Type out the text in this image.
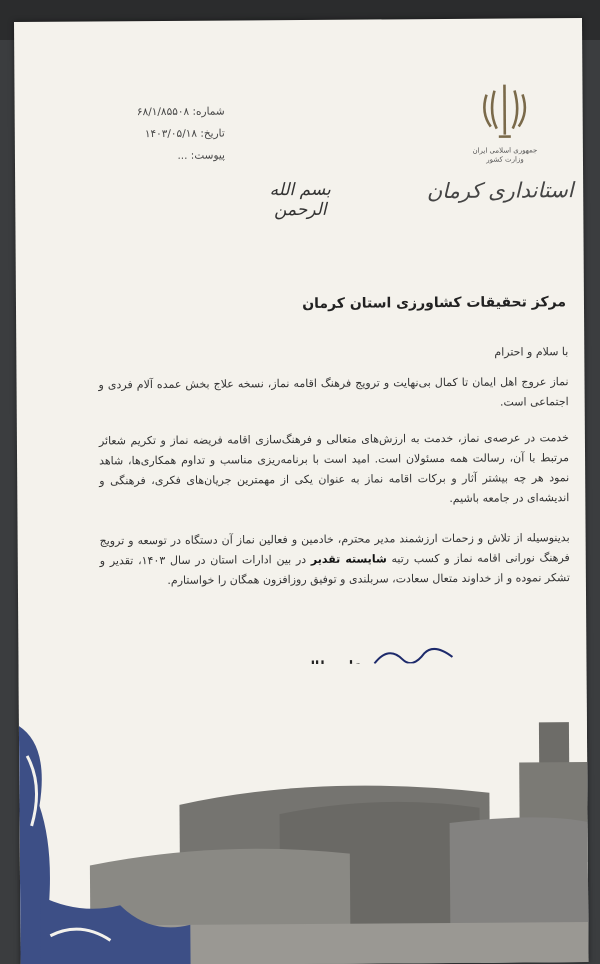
شماره: ۶۸/۱/۸۵۵۰۸
تاریخ: ۱۴۰۳/۰۵/۱۸
پیوست: ...	جمهوری اسلامی ایران
وزارت کشور
استانداری کرمان
بسم الله الرحمن
مرکز تحقیقات کشاورزی استان کرمان
با سلام و احترام
نماز عروج اهل ایمان تا کمال بی‌نهایت و ترویج فرهنگ اقامه نماز، نسخه علاج بخش عمده آلام فردی و اجتماعی است.
خدمت در عرصه‌ی نماز، خدمت به ارزش‌های متعالی و فرهنگ‌سازی اقامه فریضه نماز و تکریم شعائر مرتبط با آن، رسالت همه مسئولان است. امید است با برنامه‌ریزی مناسب و تداوم همکاری‌ها، شاهد نمود هر چه بیشتر آثار و برکات اقامه نماز به عنوان یکی از مهمترین جریان‌های فکری، فرهنگی و اندیشه‌ای در جامعه باشیم.
بدینوسیله از تلاش و زحمات ارزشمند مدیر محترم، خادمین و فعالین نماز آن دستگاه در توسعه و ترویج فرهنگ نورانی اقامه نماز و کسب رتبه شایسته تقدیر در بین ادارات استان در سال ۱۴۰۳، تقدیر و تشکر نموده و از خداوند متعال سعادت، سربلندی و توفیق روزافزون همگان را خواستارم.
